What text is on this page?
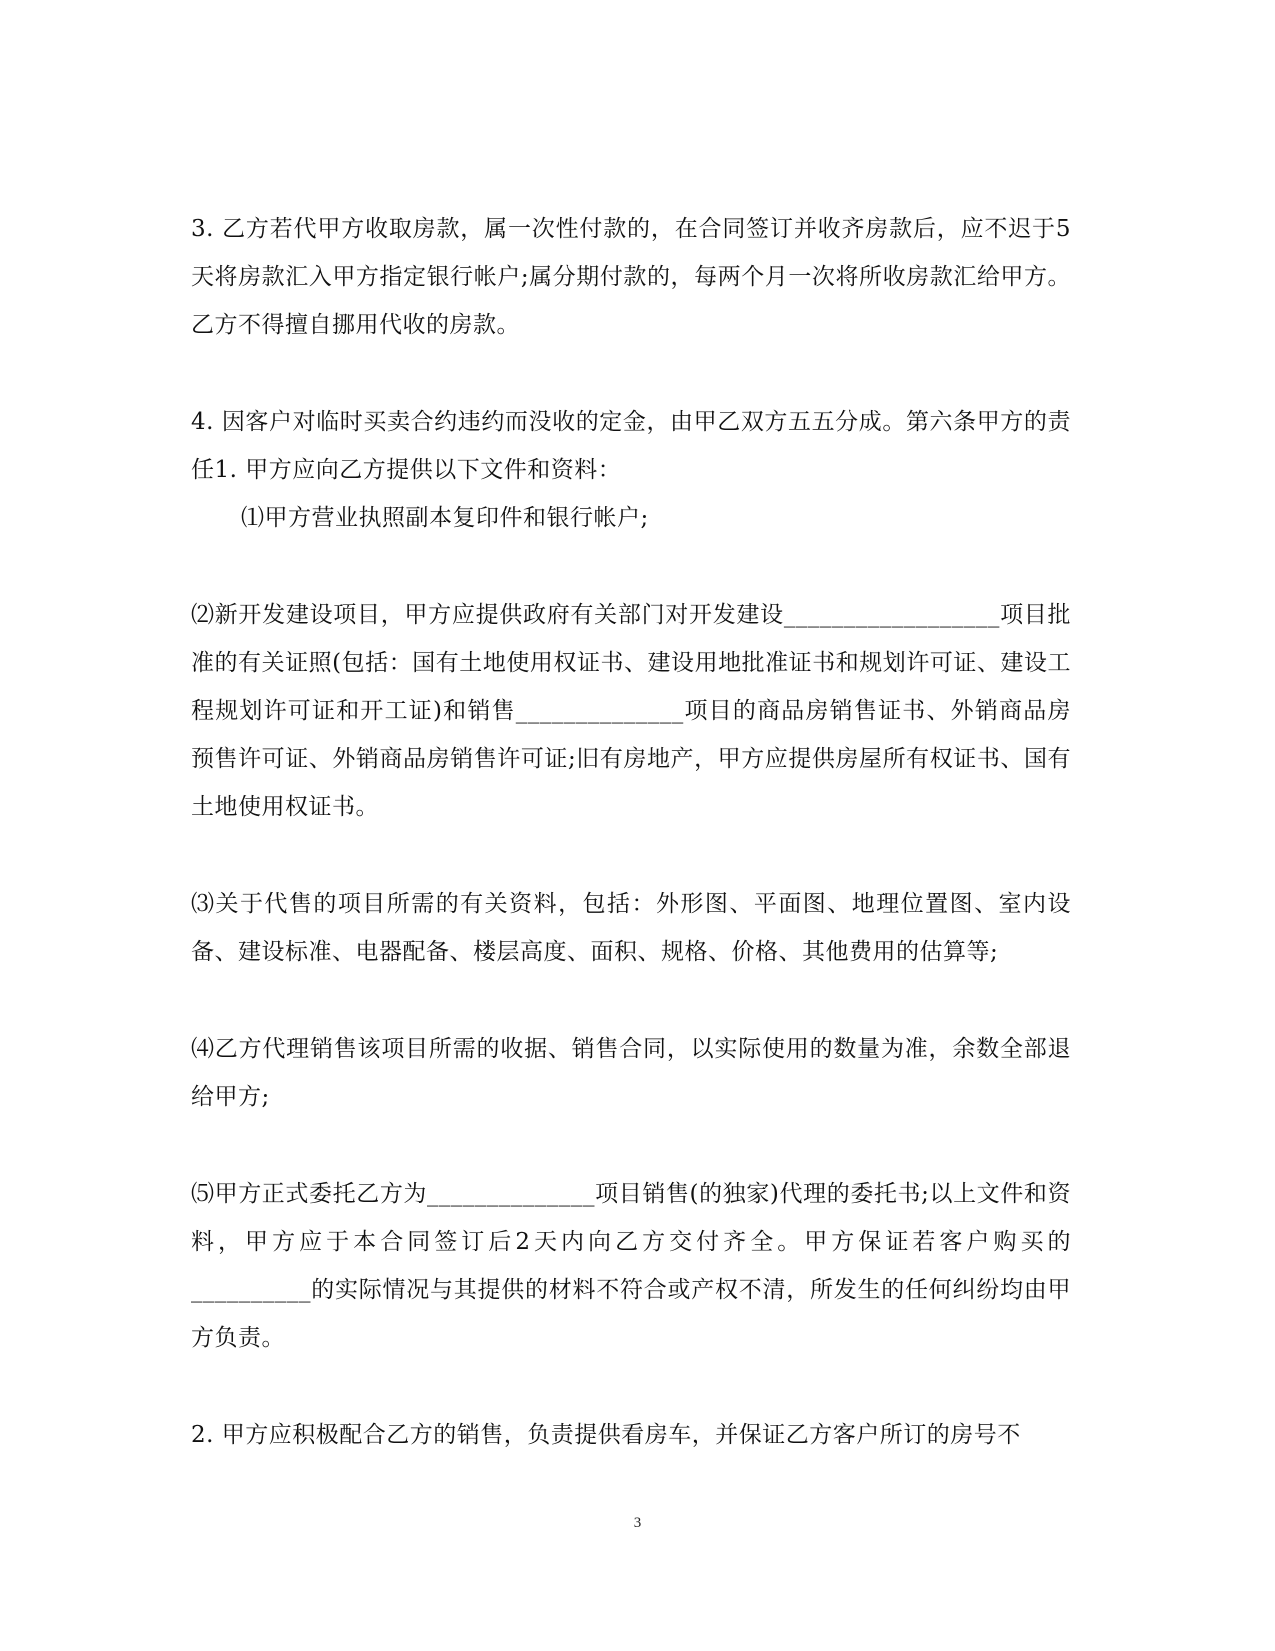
3. 乙方若代甲方收取房款，属一次性付款的，在合同签订并收齐房款后，应不迟于5天将房款汇入甲方指定银行帐户;属分期付款的，每两个月一次将所收房款汇给甲方。乙方不得擅自挪用代收的房款。

4. 因客户对临时买卖合约违约而没收的定金，由甲乙双方五五分成。第六条甲方的责任1. 甲方应向乙方提供以下文件和资料：

⑴甲方营业执照副本复印件和银行帐户;

⑵新开发建设项目，甲方应提供政府有关部门对开发建设__________________项目批准的有关证照(包括：国有土地使用权证书、建设用地批准证书和规划许可证、建设工程规划许可证和开工证)和销售______________项目的商品房销售证书、外销商品房预售许可证、外销商品房销售许可证;旧有房地产，甲方应提供房屋所有权证书、国有土地使用权证书。

⑶关于代售的项目所需的有关资料，包括：外形图、平面图、地理位置图、室内设备、建设标准、电器配备、楼层高度、面积、规格、价格、其他费用的估算等;

⑷乙方代理销售该项目所需的收据、销售合同，以实际使用的数量为准，余数全部退给甲方;

⑸甲方正式委托乙方为______________项目销售(的独家)代理的委托书;以上文件和资料，甲方应于本合同签订后2天内向乙方交付齐全。甲方保证若客户购买的__________的实际情况与其提供的材料不符合或产权不清，所发生的任何纠纷均由甲方负责。

2. 甲方应积极配合乙方的销售，负责提供看房车，并保证乙方客户所订的房号不

3
